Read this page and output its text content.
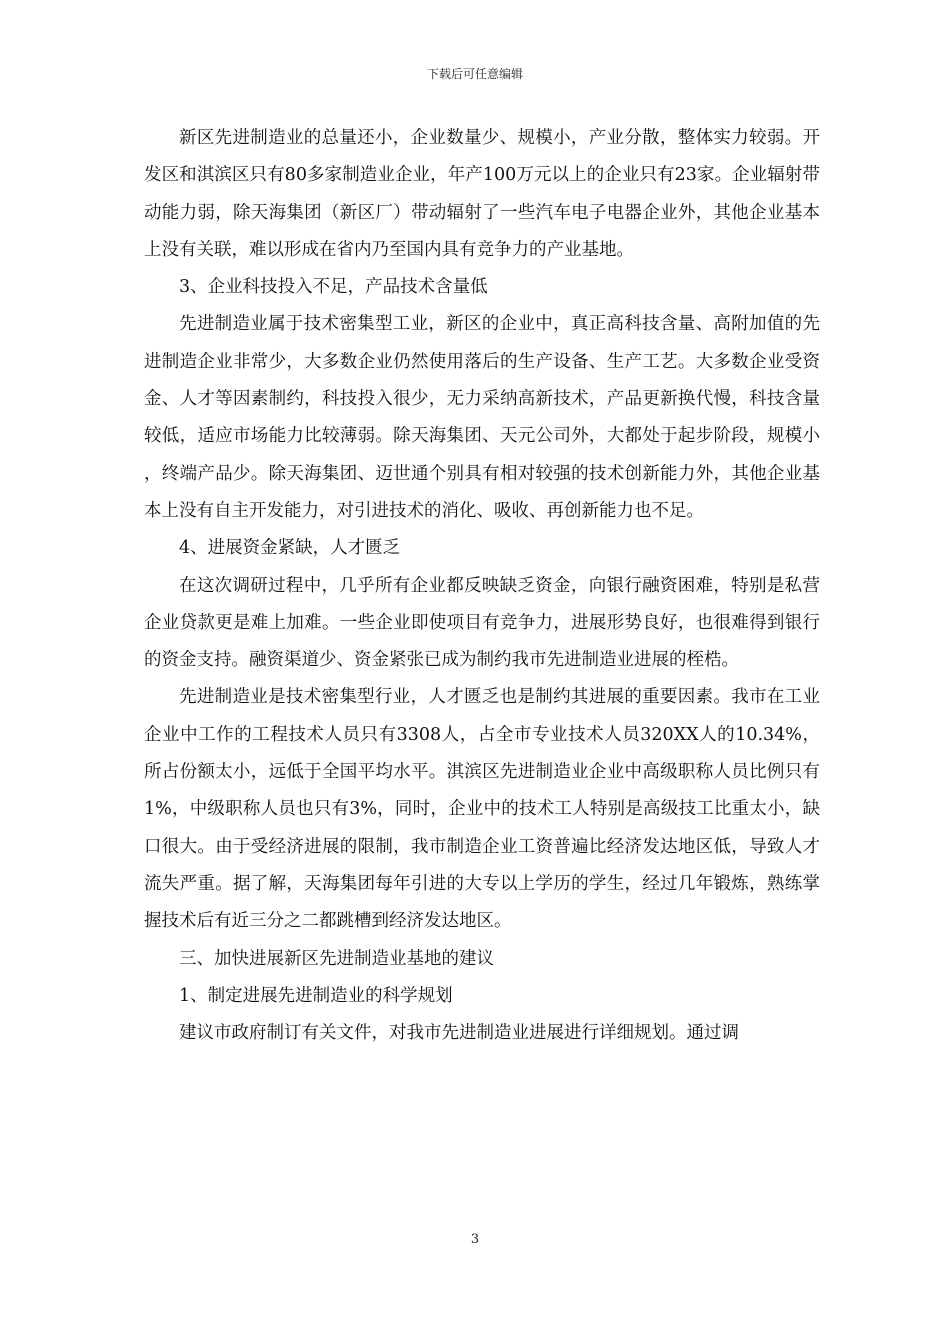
下载后可任意编辑

新区先进制造业的总量还小，企业数量少、规模小，产业分散，整体实力较弱。开发区和淇滨区只有80多家制造业企业，年产100万元以上的企业只有23家。企业辐射带动能力弱，除天海集团（新区厂）带动辐射了一些汽车电子电器企业外，其他企业基本上没有关联，难以形成在省内乃至国内具有竞争力的产业基地。

3、企业科技投入不足，产品技术含量低

先进制造业属于技术密集型工业，新区的企业中，真正高科技含量、高附加值的先进制造企业非常少，大多数企业仍然使用落后的生产设备、生产工艺。大多数企业受资金、人才等因素制约，科技投入很少，无力采纳高新技术，产品更新换代慢，科技含量较低，适应市场能力比较薄弱。除天海集团、天元公司外，大都处于起步阶段，规模小，终端产品少。除天海集团、迈世通个别具有相对较强的技术创新能力外，其他企业基本上没有自主开发能力，对引进技术的消化、吸收、再创新能力也不足。

4、进展资金紧缺，人才匮乏

在这次调研过程中，几乎所有企业都反映缺乏资金，向银行融资困难，特别是私营企业贷款更是难上加难。一些企业即使项目有竞争力，进展形势良好，也很难得到银行的资金支持。融资渠道少、资金紧张已成为制约我市先进制造业进展的桎梏。

先进制造业是技术密集型行业，人才匮乏也是制约其进展的重要因素。我市在工业企业中工作的工程技术人员只有3308人，占全市专业技术人员320XX人的10.34%，所占份额太小，远低于全国平均水平。淇滨区先进制造业企业中高级职称人员比例只有1%，中级职称人员也只有3%，同时，企业中的技术工人特别是高级技工比重太小，缺口很大。由于受经济进展的限制，我市制造企业工资普遍比经济发达地区低，导致人才流失严重。据了解，天海集团每年引进的大专以上学历的学生，经过几年锻炼，熟练掌握技术后有近三分之二都跳槽到经济发达地区。

三、加快进展新区先进制造业基地的建议

1、制定进展先进制造业的科学规划

建议市政府制订有关文件，对我市先进制造业进展进行详细规划。通过调

3
